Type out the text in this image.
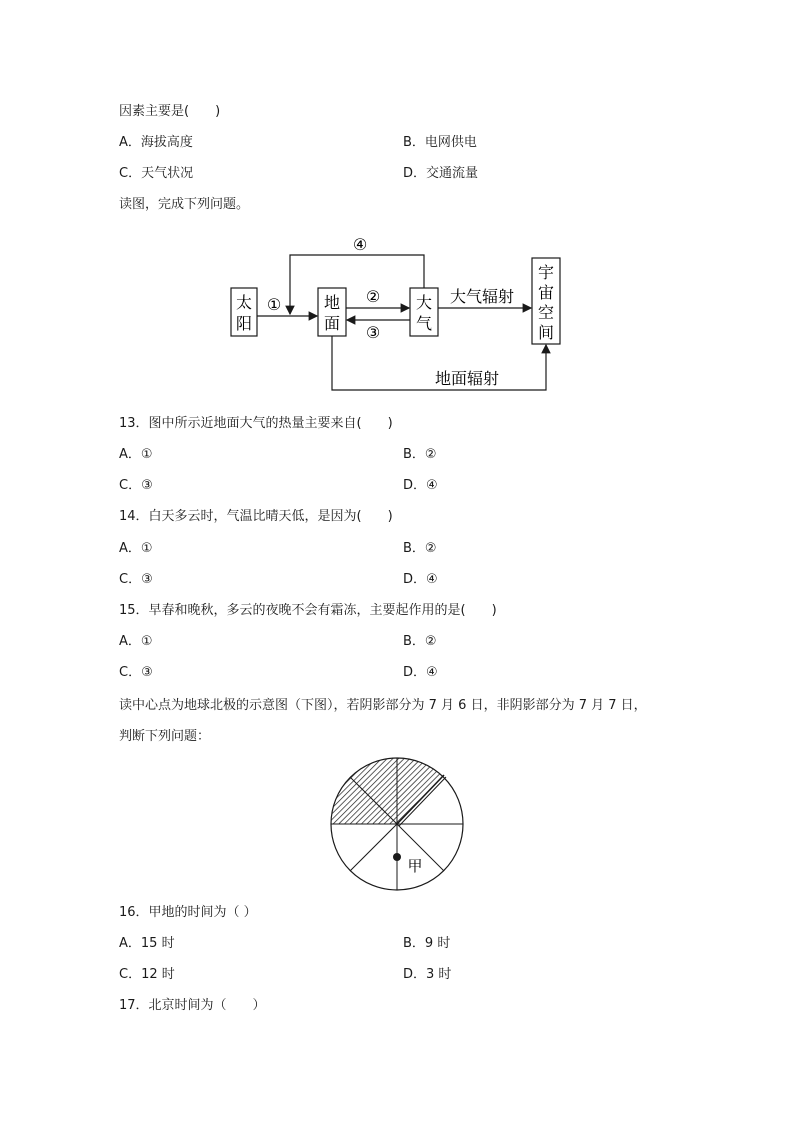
因素主要是(　　)
A．海拔高度	B．电网供电
C．天气状况	D．交通流量
读图，完成下列问题。
太
阳
地
面
大
气
宇
宙
空
间
①
④
②
③
大气辐射
地面辐射
13．图中所示近地面大气的热量主要来自(　　)
A．①	B．②
C．③	D．④
14．白天多云时，气温比晴天低，是因为(　　)
A．①	B．②
C．③	D．④
15．早春和晚秋，多云的夜晚不会有霜冻，主要起作用的是(　　)
A．①	B．②
C．③	D．④
读中心点为地球北极的示意图（下图），若阴影部分为 7 月 6 日，非阴影部分为 7 月 7 日，
判断下列问题：
甲
16．甲地的时间为（ ）
A．15 时	B．9 时
C．12 时	D．3 时
17．北京时间为（　　）
